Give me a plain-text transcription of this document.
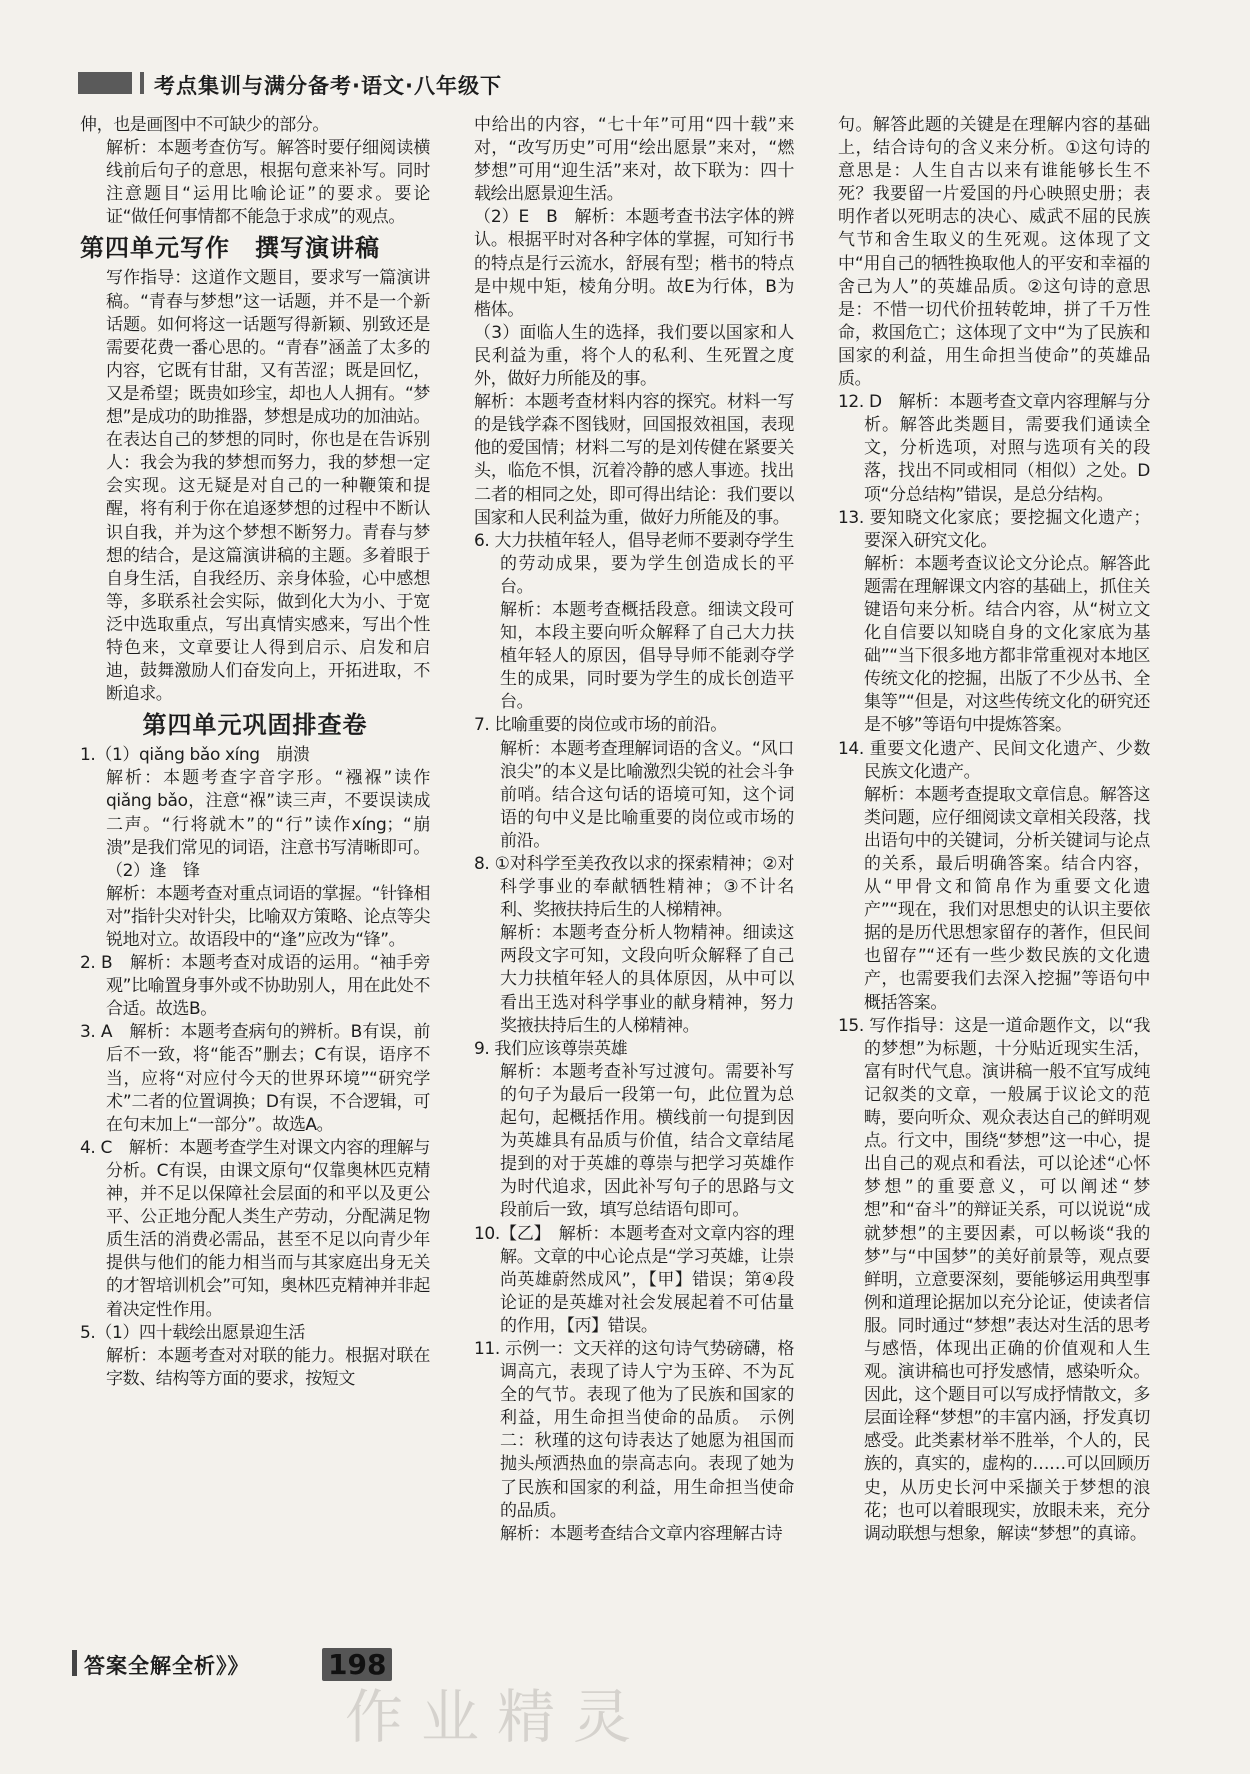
考点集训与满分备考·语文·八年级下

伸，也是画图中不可缺少的部分。

解析：本题考查仿写。解答时要仔细阅读横线前后句子的意思，根据句意来补写。同时注意题目“运用比喻论证”的要求。要论证“做任何事情都不能急于求成”的观点。

第四单元写作　撰写演讲稿

写作指导：这道作文题目，要求写一篇演讲稿。“青春与梦想”这一话题，并不是一个新话题。如何将这一话题写得新颖、别致还是需要花费一番心思的。“青春”涵盖了太多的内容，它既有甘甜，又有苦涩；既是回忆，又是希望；既贵如珍宝，却也人人拥有。“梦想”是成功的助推器，梦想是成功的加油站。在表达自己的梦想的同时，你也是在告诉别人：我会为我的梦想而努力，我的梦想一定会实现。这无疑是对自己的一种鞭策和提醒，将有利于你在追逐梦想的过程中不断认识自我，并为这个梦想不断努力。青春与梦想的结合，是这篇演讲稿的主题。多着眼于自身生活，自我经历、亲身体验，心中感想等，多联系社会实际，做到化大为小、于宽泛中选取重点，写出真情实感来，写出个性特色来，文章要让人得到启示、启发和启迪，鼓舞激励人们奋发向上，开拓进取，不断追求。

第四单元巩固排查卷

1.（1）qiǎng bǎo xíng　崩溃

解析：本题考查字音字形。“襁褓”读作qiǎng bǎo，注意“褓”读三声，不要误读成二声。“行将就木”的“行”读作xíng；“崩溃”是我们常见的词语，注意书写清晰即可。

（2）逢　锋

解析：本题考查对重点词语的掌握。“针锋相对”指针尖对针尖，比喻双方策略、论点等尖锐地对立。故语段中的“逢”应改为“锋”。

2. B　解析：本题考查对成语的运用。“袖手旁观”比喻置身事外或不协助别人，用在此处不合适。故选B。

3. A　解析：本题考查病句的辨析。B有误，前后不一致，将“能否”删去；C有误，语序不当，应将“对应付今天的世界环境”“研究学术”二者的位置调换；D有误，不合逻辑，可在句末加上“一部分”。故选A。

4. C　解析：本题考查学生对课文内容的理解与分析。C有误，由课文原句“仅靠奥林匹克精神，并不足以保障社会层面的和平以及更公平、公正地分配人类生产劳动，分配满足物质生活的消费必需品，甚至不足以向青少年提供与他们的能力相当而与其家庭出身无关的才智培训机会”可知，奥林匹克精神并非起着决定性作用。

5.（1）四十载绘出愿景迎生活

解析：本题考查对对联的能力。根据对联在字数、结构等方面的要求，按短文

中给出的内容，“七十年”可用“四十载”来对，“改写历史”可用“绘出愿景”来对，“燃梦想”可用“迎生活”来对，故下联为：四十载绘出愿景迎生活。

（2）E　B　解析：本题考查书法字体的辨认。根据平时对各种字体的掌握，可知行书的特点是行云流水，舒展有型；楷书的特点是中规中矩，棱角分明。故E为行体，B为楷体。

（3）面临人生的选择，我们要以国家和人民利益为重，将个人的私利、生死置之度外，做好力所能及的事。

解析：本题考查材料内容的探究。材料一写的是钱学森不图钱财，回国报效祖国，表现他的爱国情；材料二写的是刘传健在紧要关头，临危不惧，沉着冷静的感人事迹。找出二者的相同之处，即可得出结论：我们要以国家和人民利益为重，做好力所能及的事。

6. 大力扶植年轻人，倡导老师不要剥夺学生的劳动成果，要为学生创造成长的平台。

解析：本题考查概括段意。细读文段可知，本段主要向听众解释了自己大力扶植年轻人的原因，倡导导师不能剥夺学生的成果，同时要为学生的成长创造平台。

7. 比喻重要的岗位或市场的前沿。

解析：本题考查理解词语的含义。“风口浪尖”的本义是比喻激烈尖锐的社会斗争前哨。结合这句话的语境可知，这个词语的句中义是比喻重要的岗位或市场的前沿。

8. ①对科学至美孜孜以求的探索精神；②对科学事业的奉献牺牲精神；③不计名利、奖掖扶持后生的人梯精神。

解析：本题考查分析人物精神。细读这两段文字可知，文段向听众解释了自己大力扶植年轻人的具体原因，从中可以看出王选对科学事业的献身精神，努力奖掖扶持后生的人梯精神。

9. 我们应该尊崇英雄

解析：本题考查补写过渡句。需要补写的句子为最后一段第一句，此位置为总起句，起概括作用。横线前一句提到因为英雄具有品质与价值，结合文章结尾提到的对于英雄的尊崇与把学习英雄作为时代追求，因此补写句子的思路与文段前后一致，填写总结语句即可。

10.【乙】　解析：本题考查对文章内容的理解。文章的中心论点是“学习英雄，让崇尚英雄蔚然成风”，【甲】错误；第④段论证的是英雄对社会发展起着不可估量的作用，【丙】错误。

11. 示例一：文天祥的这句诗气势磅礴，格调高亢，表现了诗人宁为玉碎、不为瓦全的气节。表现了他为了民族和国家的利益，用生命担当使命的品质。　示例二：秋瑾的这句诗表达了她愿为祖国而抛头颅洒热血的崇高志向。表现了她为了民族和国家的利益，用生命担当使命的品质。

解析：本题考查结合文章内容理解古诗

句。解答此题的关键是在理解内容的基础上，结合诗句的含义来分析。①这句诗的意思是：人生自古以来有谁能够长生不死？我要留一片爱国的丹心映照史册；表明作者以死明志的决心、威武不屈的民族气节和舍生取义的生死观。这体现了文中“用自己的牺牲换取他人的平安和幸福的舍己为人”的英雄品质。②这句诗的意思是：不惜一切代价扭转乾坤，拼了千万性命，救国危亡；这体现了文中“为了民族和国家的利益，用生命担当使命”的英雄品质。

12. D　解析：本题考查文章内容理解与分析。解答此类题目，需要我们通读全文，分析选项，对照与选项有关的段落，找出不同或相同（相似）之处。D项“分总结构”错误，是总分结构。

13. 要知晓文化家底；要挖掘文化遗产；要深入研究文化。

解析：本题考查议论文分论点。解答此题需在理解课文内容的基础上，抓住关键语句来分析。结合内容，从“树立文化自信要以知晓自身的文化家底为基础”“当下很多地方都非常重视对本地区传统文化的挖掘，出版了不少丛书、全集等”“但是，对这些传统文化的研究还是不够”等语句中提炼答案。

14. 重要文化遗产、民间文化遗产、少数民族文化遗产。

解析：本题考查提取文章信息。解答这类问题，应仔细阅读文章相关段落，找出语句中的关键词，分析关键词与论点的关系，最后明确答案。结合内容，从“甲骨文和简帛作为重要文化遗产”“现在，我们对思想史的认识主要依据的是历代思想家留存的著作，但民间也留存”“还有一些少数民族的文化遗产，也需要我们去深入挖掘”等语句中概括答案。

15. 写作指导：这是一道命题作文，以“我的梦想”为标题，十分贴近现实生活，富有时代气息。演讲稿一般不宜写成纯记叙类的文章，一般属于议论文的范畴，要向听众、观众表达自己的鲜明观点。行文中，围绕“梦想”这一中心，提出自己的观点和看法，可以论述“心怀梦想”的重要意义，可以阐述“梦想”和“奋斗”的辩证关系，可以说说“成就梦想”的主要因素，可以畅谈“我的梦”与“中国梦”的美好前景等，观点要鲜明，立意要深刻，要能够运用典型事例和道理论据加以充分论证，使读者信服。同时通过“梦想”表达对生活的思考与感悟，体现出正确的价值观和人生观。演讲稿也可抒发感情，感染听众。因此，这个题目可以写成抒情散文，多层面诠释“梦想”的丰富内涵，抒发真切感受。此类素材举不胜举，个人的，民族的，真实的，虚构的……可以回顾历史，从历史长河中采撷关于梦想的浪花；也可以着眼现实，放眼未来，充分调动联想与想象，解读“梦想”的真谛。

作业精灵
答案全解全析》》	198
